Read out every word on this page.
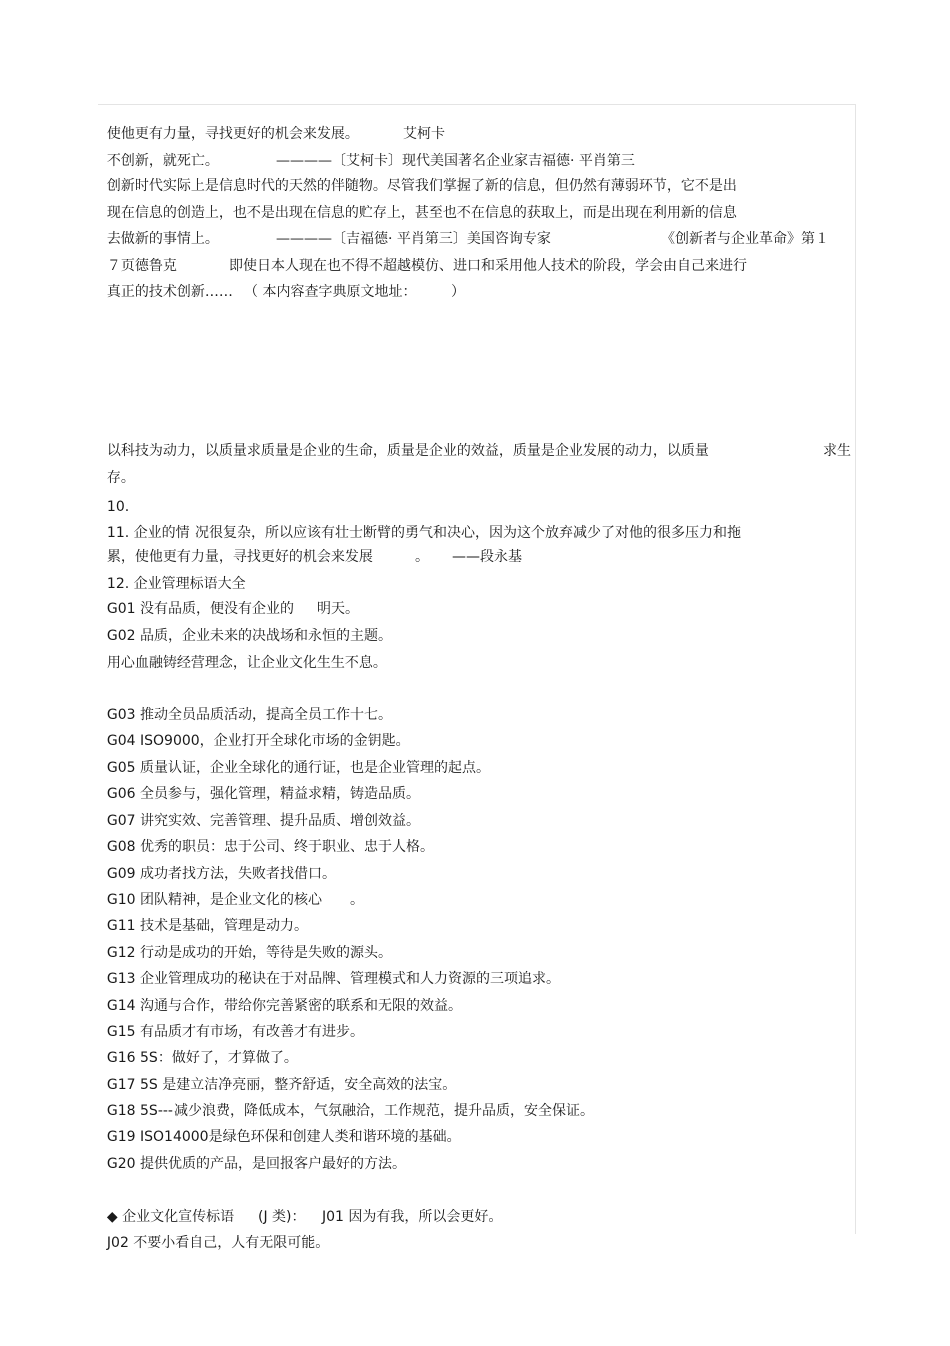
使他更有力量，寻找更好的机会来发展。	艾柯卡

不创新，就死亡。	————〔艾柯卡〕现代美国著名企业家吉福德· 平肖第三

创新时代实际上是信息时代的天然的伴随物。尽管我们掌握了新的信息，但仍然有薄弱环节，它不是出

现在信息的创造上，也不是出现在信息的贮存上，甚至也不在信息的获取上，而是出现在利用新的信息

去做新的事情上。	————〔吉福德· 平肖第三〕美国咨询专家	《创新者与企业革命》第１

７页德鲁克	即使日本人现在也不得不超越模仿、进口和采用他人技术的阶段，学会由自己来进行

真正的技术创新…… （ 本内容查字典原文地址： ）

以科技为动力，以质量求质量是企业的生命，质量是企业的效益，质量是企业发展的动力，以质量	求生

存。

10.

11. 企业的情 况很复杂，所以应该有壮士断臂的勇气和决心，因为这个放弃减少了对他的很多压力和拖

累，使他更有力量，寻找更好的机会来发展	。 ——段永基

12. 企业管理标语大全

G01 没有品质，便没有企业的 明天。

G02 品质，企业未来的决战场和永恒的主题。

用心血融铸经营理念，让企业文化生生不息。

G03 推动全员品质活动，提高全员工作十七。

G04 ISO9000，企业打开全球化市场的金钥匙。

G05 质量认证，企业全球化的通行证，也是企业管理的起点。

G06 全员参与，强化管理，精益求精，铸造品质。

G07 讲究实效、完善管理、提升品质、增创效益。

G08 优秀的职员：忠于公司、终于职业、忠于人格。

G09 成功者找方法，失败者找借口。

G10 团队精神，是企业文化的核心 。

G11 技术是基础，管理是动力。

G12 行动是成功的开始，等待是失败的源头。

G13 企业管理成功的秘诀在于对品牌、管理模式和人力资源的三项追求。

G14 沟通与合作，带给你完善紧密的联系和无限的效益。

G15 有品质才有市场，有改善才有进步。

G16 5S：做好了，才算做了。

G17 5S 是建立洁净亮丽，整齐舒适，安全高效的法宝。

G18 5S--- 减少浪费，降低成本，气氛融洽，工作规范，提升品质，安全保证。

G19 ISO14000是绿色环保和创建人类和谐环境的基础。

G20 提供优质的产品，是回报客户最好的方法。

◆ 企业文化宣传标语 (J 类)： J01 因为有我，所以会更好。

J02 不要小看自己，人有无限可能。
